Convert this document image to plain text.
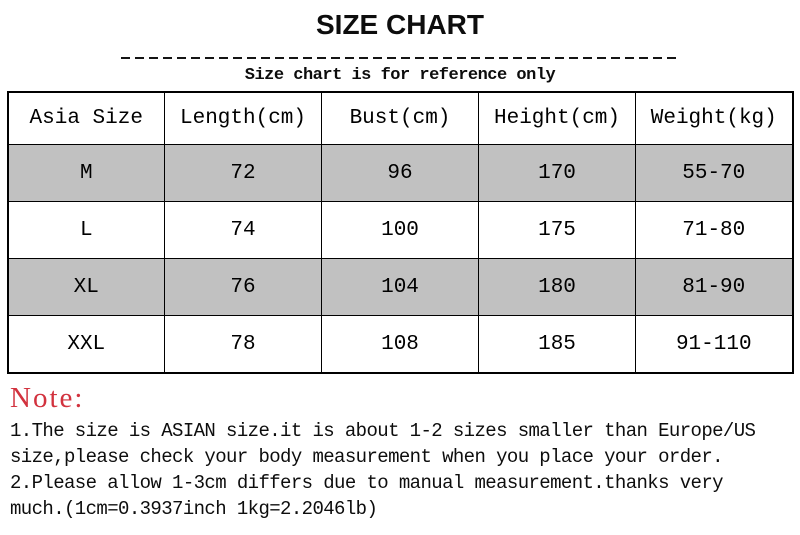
SIZE CHART
Size chart is for reference only
Asia Size	Length(cm)	Bust(cm)	Height(cm)	Weight(kg)
M	72	96	170	55-70
L	74	100	175	71-80
XL	76	104	180	81-90
XXL	78	108	185	91-110
Note:
1.The size is ASIAN size.it is about 1-2 sizes smaller than Europe/US
size,please check your body measurement when you place your order.
2.Please allow 1-3cm differs due to manual measurement.thanks very
much.(1cm=0.3937inch 1kg=2.2046lb)
